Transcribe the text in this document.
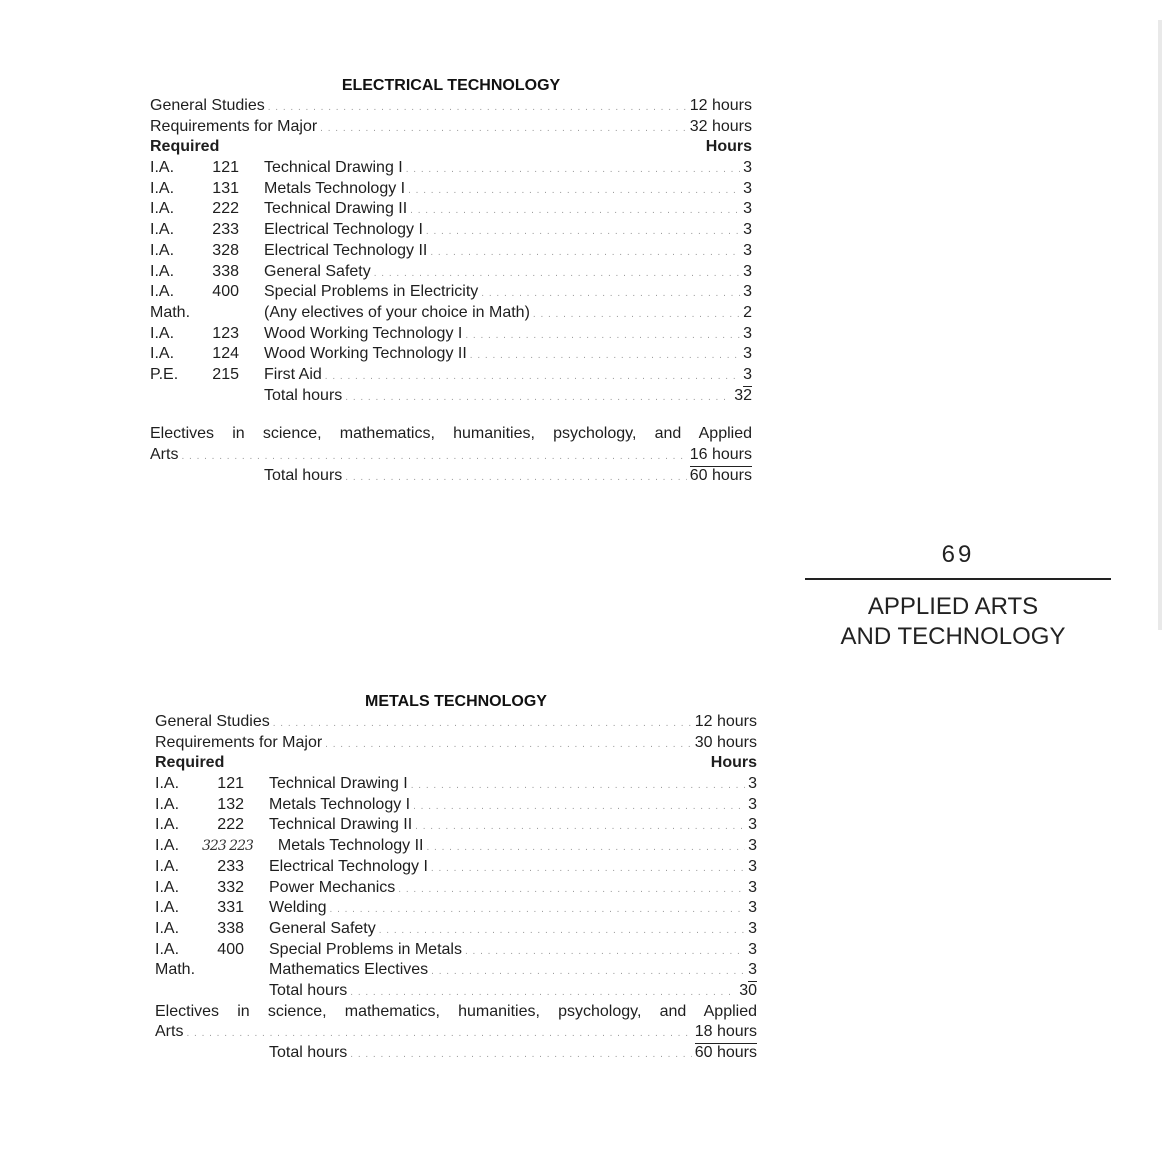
ELECTRICAL TECHNOLOGY
General Studies . . .	12 hours
Requirements for Major . . .	32 hours
Required	Hours
I.A.	121	Technical Drawing I . . .	3
I.A.	131	Metals Technology I . . .	3
I.A.	222	Technical Drawing II . . .	3
I.A.	233	Electrical Technology I . . .	3
I.A.	328	Electrical Technology II . . .	3
I.A.	338	General Safety . . .	3
I.A.	400	Special Problems in Electricity . . .	3
Math.	(Any electives of your choice in Math) . . .	2
I.A.	123	Wood Working Technology I . . .	3
I.A.	124	Wood Working Technology II . . .	3
P.E.	215	First Aid . . .	3
Total hours . . .	32
Electives in science, mathematics, humanities, psychology, and Applied
Arts . . .	16 hours
Total hours . . .	60 hours
69
APPLIED ARTS
AND TECHNOLOGY
METALS TECHNOLOGY
General Studies . . .	12 hours
Requirements for Major . . .	30 hours
Required	Hours
I.A.	121	Technical Drawing I . . .	3
I.A.	132	Metals Technology I . . .	3
I.A.	222	Technical Drawing II . . .	3
I.A.	323 223	Metals Technology II . . .	3
I.A.	233	Electrical Technology I . . .	3
I.A.	332	Power Mechanics . . .	3
I.A.	331	Welding . . .	3
I.A.	338	General Safety . . .	3
I.A.	400	Special Problems in Metals . . .	3
Math.	Mathematics Electives . . .	3
Total hours . . .	30
Electives in science, mathematics, humanities, psychology, and Applied
Arts . . .	18 hours
Total hours . . .	60 hours
